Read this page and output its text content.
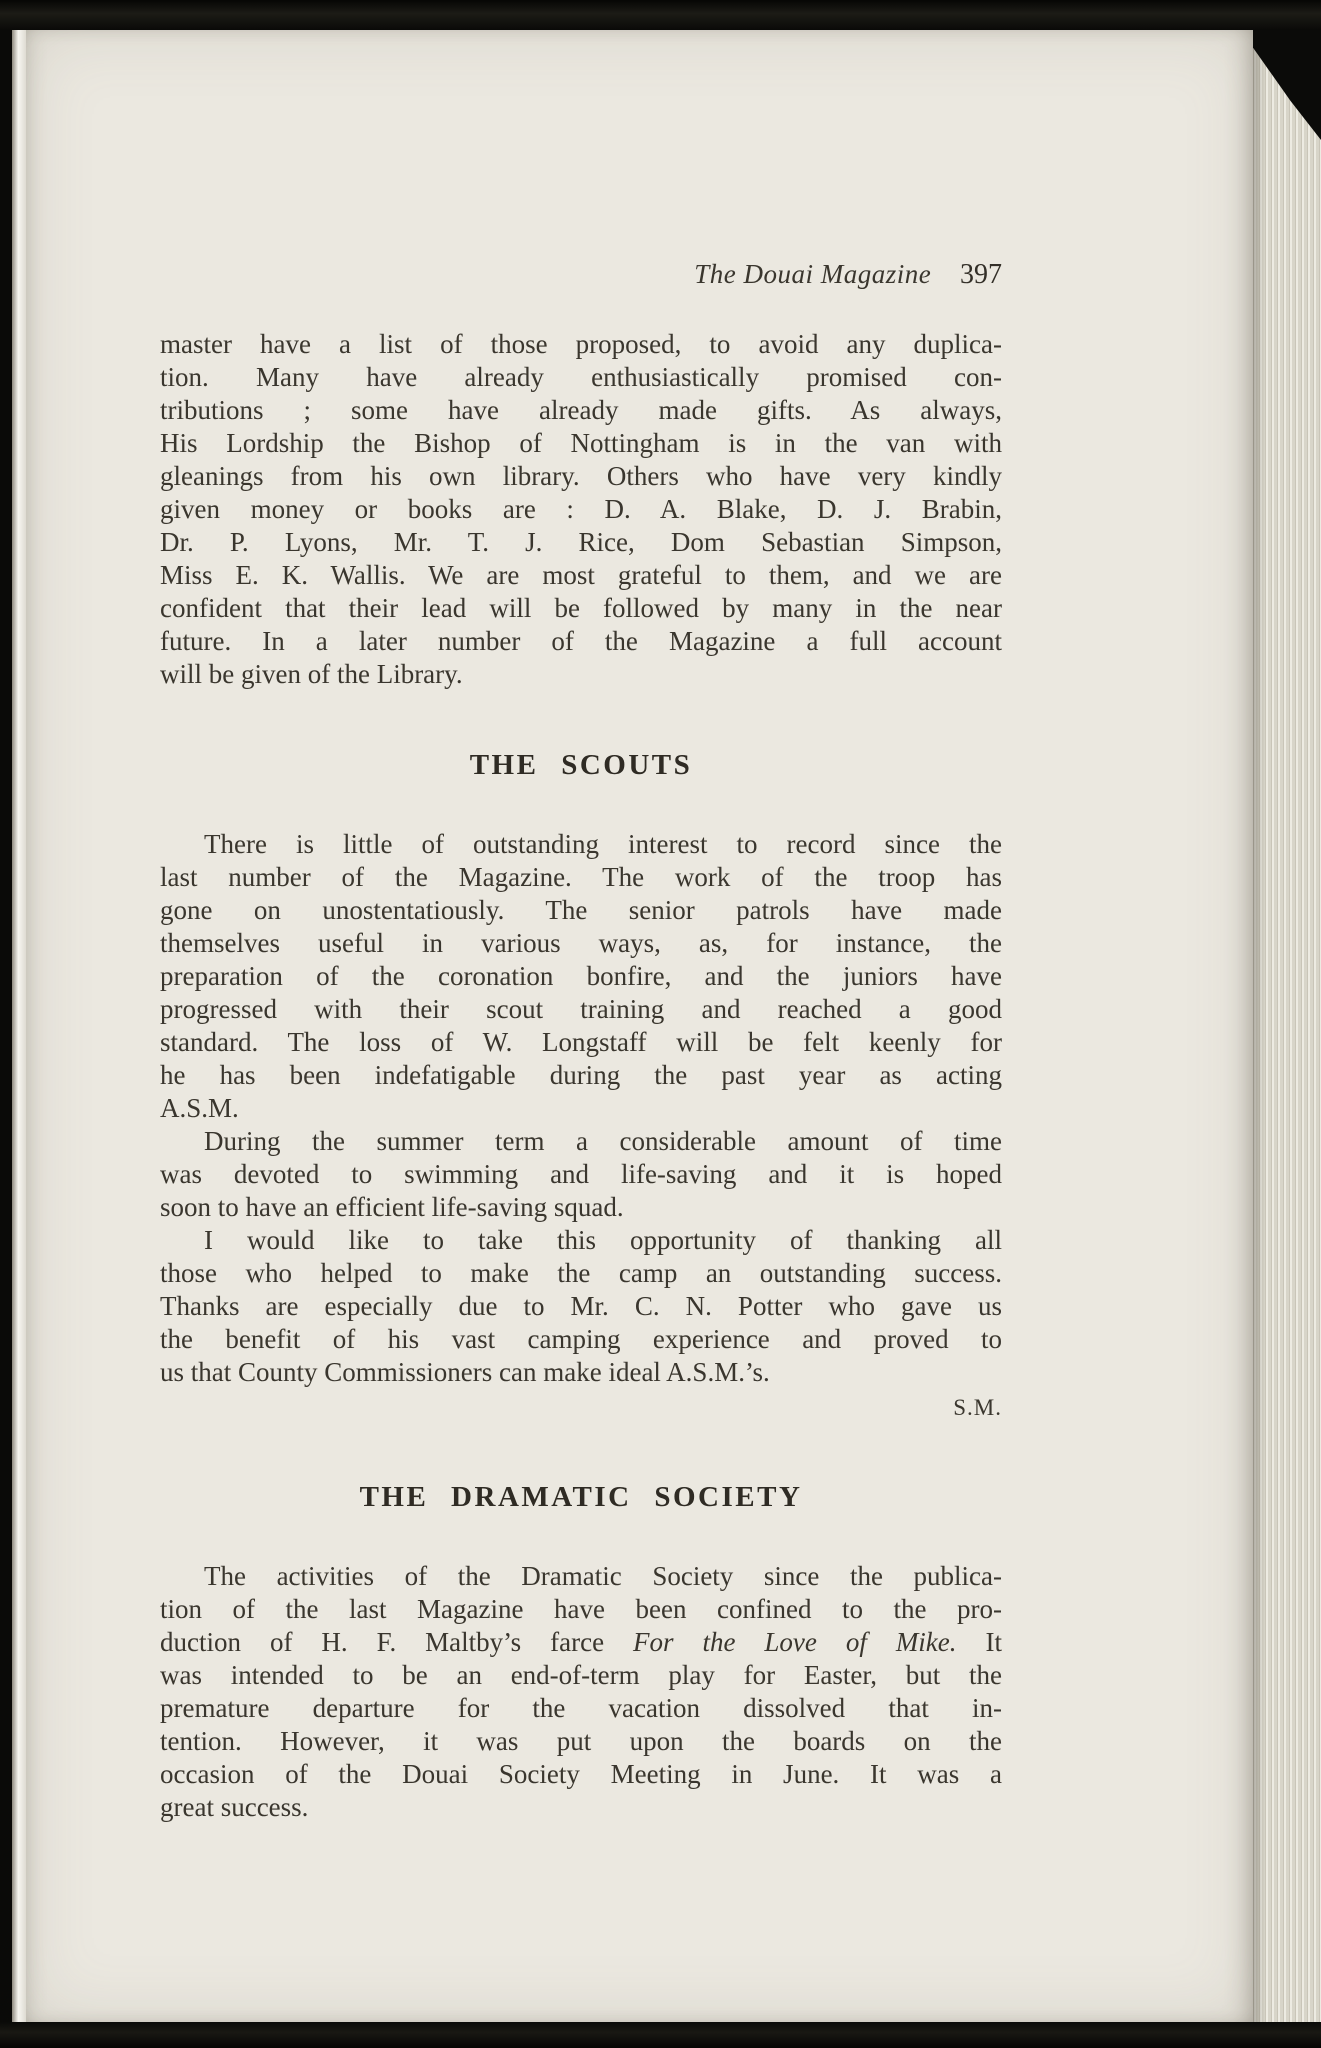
The Douai Magazine 397
master have a list of those proposed, to avoid any duplica-
tion. Many have already enthusiastically promised con-
tributions ; some have already made gifts. As always,
His Lordship the Bishop of Nottingham is in the van with
gleanings from his own library. Others who have very kindly
given money or books are : D. A. Blake, D. J. Brabin,
Dr. P. Lyons, Mr. T. J. Rice, Dom Sebastian Simpson,
Miss E. K. Wallis. We are most grateful to them, and we are
confident that their lead will be followed by many in the near
future. In a later number of the Magazine a full account
will be given of the Library.
THE SCOUTS
There is little of outstanding interest to record since the
last number of the Magazine. The work of the troop has
gone on unostentatiously. The senior patrols have made
themselves useful in various ways, as, for instance, the
preparation of the coronation bonfire, and the juniors have
progressed with their scout training and reached a good
standard. The loss of W. Longstaff will be felt keenly for
he has been indefatigable during the past year as acting
A.S.M.
During the summer term a considerable amount of time
was devoted to swimming and life-saving and it is hoped
soon to have an efficient life-saving squad.
I would like to take this opportunity of thanking all
those who helped to make the camp an outstanding success.
Thanks are especially due to Mr. C. N. Potter who gave us
the benefit of his vast camping experience and proved to
us that County Commissioners can make ideal A.S.M.’s.
S.M.
THE DRAMATIC SOCIETY
The activities of the Dramatic Society since the publica-
tion of the last Magazine have been confined to the pro-
duction of H. F. Maltby’s farce For the Love of Mike. It
was intended to be an end-of-term play for Easter, but the
premature departure for the vacation dissolved that in-
tention. However, it was put upon the boards on the
occasion of the Douai Society Meeting in June. It was a
great success.
